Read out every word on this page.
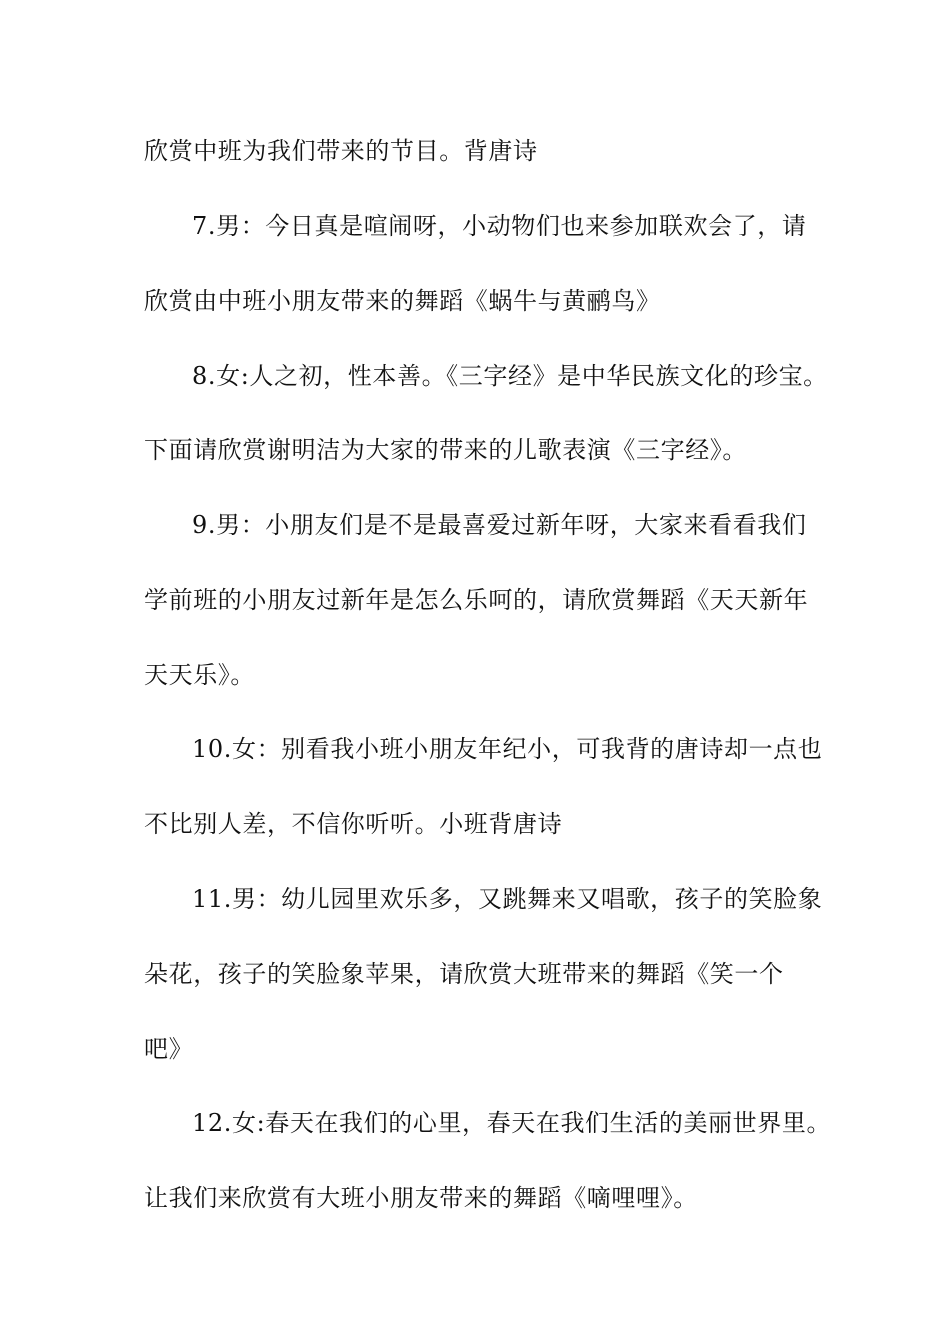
欣赏中班为我们带来的节目。背唐诗
7.男：今日真是喧闹呀，小动物们也来参加联欢会了，请
欣赏由中班小朋友带来的舞蹈《蜗牛与黄鹂鸟》
8.女:人之初，性本善。《三字经》是中华民族文化的珍宝。
下面请欣赏谢明洁为大家的带来的儿歌表演《三字经》。
9.男：小朋友们是不是最喜爱过新年呀，大家来看看我们
学前班的小朋友过新年是怎么乐呵的，请欣赏舞蹈《天天新年
天天乐》。
10.女：别看我小班小朋友年纪小，可我背的唐诗却一点也
不比别人差，不信你听听。小班背唐诗
11.男：幼儿园里欢乐多，又跳舞来又唱歌，孩子的笑脸象
朵花，孩子的笑脸象苹果，请欣赏大班带来的舞蹈《笑一个
吧》
12.女:春天在我们的心里，春天在我们生活的美丽世界里。
让我们来欣赏有大班小朋友带来的舞蹈《嘀哩哩》。
